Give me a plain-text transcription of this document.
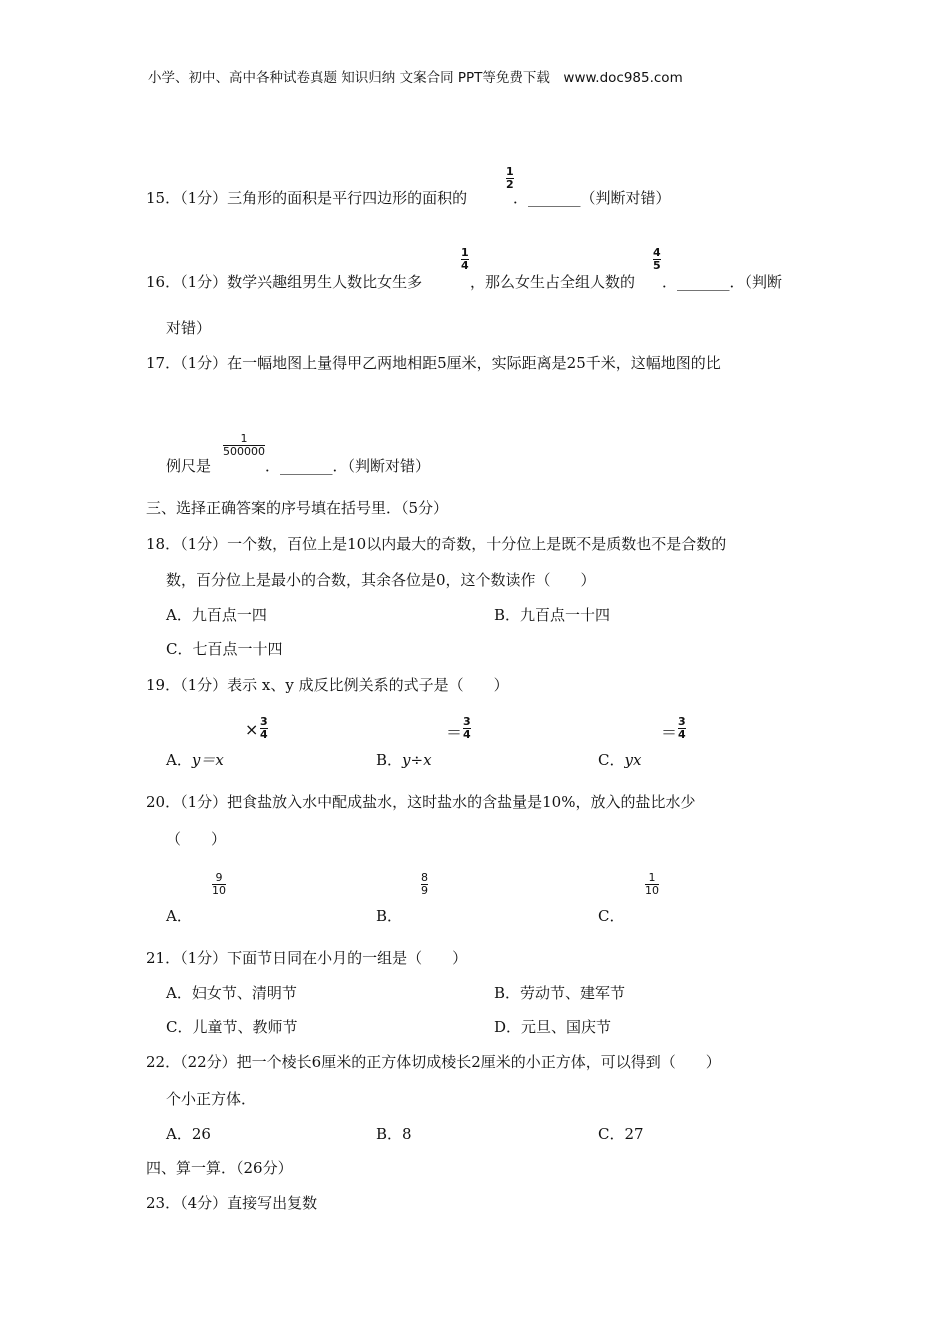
小学、初中、高中各种试卷真题 知识归纳 文案合同 PPT等免费下载　www.doc985.com
1
2
15．（1分）三角形的面积是平行四边形的面积的	．_______（判断对错）
1
4
4
5
16．（1分）数学兴趣组男生人数比女生多	，那么女生占全组人数的 ．_______．（判断
对错）
17．（1分）在一幅地图上量得甲乙两地相距5厘米，实际距离是25千米，这幅地图的比
1
500000
例尺是	．_______．（判断对错）
三、选择正确答案的序号填在括号里．（5分）
18．（1分）一个数，百位上是10以内最大的奇数，十分位上是既不是质数也不是合数的
数，百分位上是最小的合数，其余各位是0，这个数读作（　　）
A．九百点一四	B．九百点一十四
C．七百点一十四
19．（1分）表示 x、y 成反比例关系的式子是（　　）
× 3
4	＝
3
4	＝
3
4
A．y＝x	B．y÷x	C．yx
20．（1分）把食盐放入水中配成盐水，这时盐水的含盐量是10%，放入的盐比水少
（　　）
9
10
8
9
1
10
A．	B．	C．
21．（1分）下面节日同在小月的一组是（　　）
A．妇女节、清明节	B．劳动节、建军节
C．儿童节、教师节	D．元旦、国庆节
22．（22分）把一个棱长6厘米的正方体切成棱长2厘米的小正方体，可以得到（　　）
个小正方体．
A．26	B．8	C．27
四、算一算．（26分）
23．（4分）直接写出复数
